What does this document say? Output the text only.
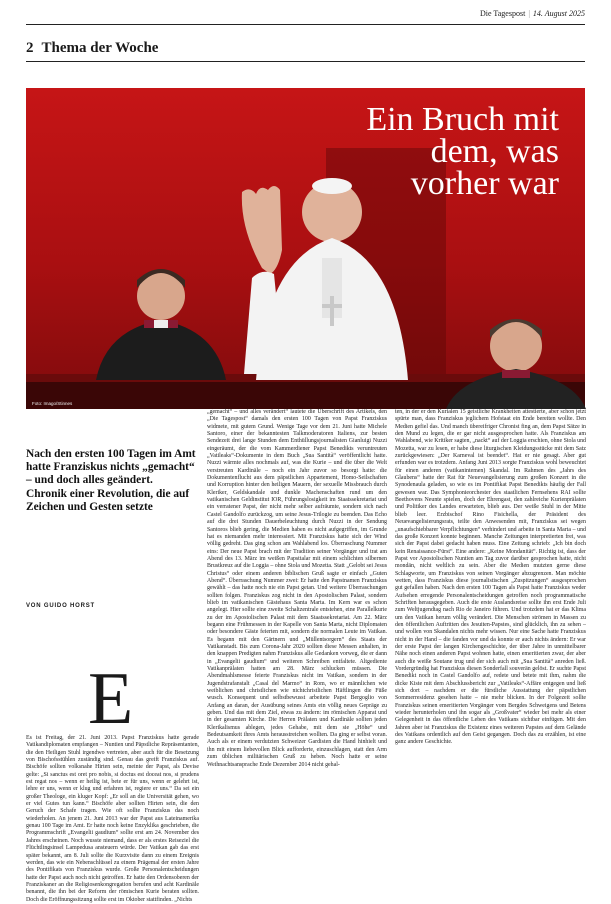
Die Tagespost | 14. August 2025
2 Thema der Woche
Ein Bruch mit dem, was vorher war
Foto: Imago/Stinnes
Nach den ersten 100 Tagen im Amt hatte Franziskus nichts „gemacht“ – und doch alles geändert. Chronik einer Revolution, die auf Zeichen und Gesten setzte
VON GUIDO HORST
E

Es ist Freitag, der 21. Juni 2013. Papst Franziskus hatte gerade Vatikandiplomaten empfangen – Nuntien und Päpstliche Repräsentanten, die den Heiligen Stuhl irgendwo vertreten, aber auch für die Besetzung von Bischofsstühlen zuständig sind. Genau das greift Franziskus auf. Bischöfe sollten volksnahe Hirten sein, meinte der Papst, als Devise gelte: „Si sanctus est oret pro nobis, si doctus est doceat nos, si prudens est regat nos – wenn er heilig ist, bete er für uns, wenn er gelehrt ist, lehre er uns, wenn er klug und erfahren ist, regiere er uns.“ Da sei ein großer Theologe, ein kluger Kopf: „Er soll an die Universität gehen, wo er viel Gutes tun kann.“ Bischöfe aber sollten Hirten sein, die den Geruch der Schafe tragen. Wie oft sollte Franziskus das noch wiederholen. An jenem 21. Juni 2013 war der Papst aus Lateinamerika genau 100 Tage im Amt. Er hatte noch keine Enzyklika geschrieben, die Programmschrift „Evangelii gaudium“ sollte erst am 24. November des Jahres erscheinen. Noch wusste niemand, dass er als erstes Reiseziel die Flüchtlingsinsel Lampedusa ansteuern würde. Der Vatikan gab das erst später bekannt, am 8. Juli sollte die Kurzvisite dann zu einem Ereignis werden, das wie ein Nebenschlüssel zu einem Prägemal der ersten Jahre des Pontifikats von Franziskus wurde. Große Personalentscheidungen hatte der Papst auch noch nicht getroffen. Er hatte den Ordensoberen der Franziskaner an die Religiosenkongregation berufen und acht Kardinäle benannt, die ihn bei der Reform der römischen Kurie beraten sollten. Doch die Eröffnungssitzung sollte erst im Oktober stattfinden. „Nichts

„gemacht“ – und alles verändert“ lautete die Überschrift des Artikels, den „Die Tagespost“ damals den ersten 100 Tagen von Papst Franziskus widmete, mit gutem Grund. Wenige Tage vor dem 21. Juni hatte Michele Santoro, einer der bekanntesten Talkmoderatoren Italiens, zur besten Sendezeit drei lange Stunden dem Enthüllungsjournalisten Gianluigi Nuzzi eingeräumt, der die vom Kammerdiener Papst Benedikts veruntreuten „Vatileaks“-Dokumente in dem Buch „Sua Santità“ veröffentlicht hatte. Nuzzi wärmte alles nochmals auf, was die Kurie – und die über die Welt verstreuten Kardinäle – noch ein Jahr zuvor so besorgt hatte: die Dokumentenflucht aus dem päpstlichen Appartement, Homo-Seilschaften und Korruption hinter den heiligen Mauern, der sexuelle Missbrauch durch Kleriker, Geldskandale und dunkle Machenschaften rund um den vatikanischen Geldinstitut IOR, Führungslosigkeit im Staatssekretariat und ein verratener Papst, der nicht mehr selber aufräumte, sondern sich nach Castel Gandolfo zurückzog, um seine Jesus-Trilogie zu beenden. Das Echo auf die drei Stunden Dauerbeleuchtung durch Nuzzi in der Sendung Santoros blieb gering, die Medien haben es nicht aufgegriffen, im Grunde hat es niemanden mehr interessiert. Mit Franziskus hatte sich der Wind völlig gedreht. Das ging schon am Wahlabend los. Überraschung Nummer eins: Der neue Papst brach mit der Tradition seiner Vorgänger und trat am Abend des 13. März im weißen Papsttalar mit einem schlichten silbernen Brustkreuz auf die Loggia – ohne Stola und Mozetta. Statt „Gelobt sei Jesus Christus“ oder einem anderen biblischen Gruß sagte er einfach „Guten Abend“. Überraschung Nummer zwei: Er hatte den Papstnamen Franziskus gewählt – das hatte noch nie ein Papst getan. Und weitere Überraschungen sollten folgen. Franziskus zog nicht in den Apostolischen Palast, sondern blieb im vatikanischen Gästehaus Santa Marta. Im Kern war es schon angelegt. Hier sollte eine zweite Schaltzentrale entstehen, eine Parallelkurie zu der im Apostolischen Palast mit dem Staatssekretariat. Am 22. März begann eine Frühmessen in der Kapelle von Santa Marta, nicht Diplomaten oder besondere Gäste feierten mit, sondern die normalen Leute im Vatikan. Es begann mit den Gärtnern und „Müllentsorgern“ des Staats der Vatikanstadt. Bis zum Corona-Jahr 2020 sollten diese Messen anhalten, in den knappen Predigten nahm Franziskus alle Gedanken vorweg, die er dann in „Evangelii gaudium“ und weiteren Schreiben entfaltete. Altgediente Vatikanprälaten hatten am 28. März schlucken müssen. Die Abendmahlsmesse feierte Franziskus nicht im Vatikan, sondern in der Jugendstrafanstalt „Casal del Marmo“ in Rom, wo er männlichen wie weiblichen und christlichen wie nichtchristlichen Häftlingen die Füße wusch. Konsequent und selbstbewusst arbeitete Papst Bergoglio von Anfang an daran, der Ausübung seines Amts ein völlig neues Gepräge zu geben. Und das mit dem Ziel, etwas zu ändern: im römischen Apparat und in der gesamten Kirche. Die Herren Prälaten und Kardinäle sollten jeden Klerikalismus ablegen, jedes Gehabe, mit dem sie „Höhe“ und Bedeutsamkeit ihres Amts herausstreichen wollten. Da ging er selbst voran. Auch als er einem verdutzten Schweizer Gardisten die Hand hinhielt und ihn mit einem liebevollen Blick aufforderte, einzuschlagen, statt den Arm zum üblichen militärischen Gruß zu heben. Noch hatte er seine Weihnachtsansprache Ende Dezember 2014 nicht gehal-

ten, in der er den Kurialen 15 geistliche Krankheiten attestierte, aber schon jetzt spürte man, dass Franziskus jeglichem Hofstaat ein Ende bereiten wollte. Den Medien gefiel das. Und manch übereifriger Chronist fing an, dem Papst Sätze in den Mund zu legen, die er gar nicht ausgesprochen hatte. Als Franziskus am Wahlabend, wie Kritiker sagten, „nackt“ auf der Loggia erschien, ohne Stola und Mozetta, war zu lesen, er habe diese liturgischen Kleidungsstücke mit dem Satz zurückgewiesen: „Der Karneval ist beendet“. Hat er nie gesagt. Aber gut erfunden war es trotzdem. Anfang Juni 2013 sorgte Franziskus wohl beweuchtet für einen anderen (vatikanintemen) Skandal. Im Rahmen des „Jahrs des Glaubens“ hatte der Rat für Neuevangelisierung zum großen Konzert in die Synodenaula geladen, so wie es im Pontifikat Papst Benedikts häufig der Fall gewesen war. Das Symphonieorchester des staatlichen Fernsehens RAI sollte Beethovens Neunte spielen, doch der Ehrengast, den zahlreiche Kurienprälaten und Politiker des Landes erwarteten, blieb aus. Der weiße Stuhl in der Mitte blieb leer. Erzbischof Rino Fisichella, der Präsident des Neuevangelisierungsrats, teilte den Anwesenden mit, Franziskus sei wegen „unaufschiebbarer Verpflichtungen“ verhindert und arbeite in Santa Marta – und das große Konzert konnte beginnen. Manche Zeitungen interpretierten frei, was sich der Papst dabei gedacht haben muss. Eine Zeitung schrieb: „Ich bin doch kein Renaissance-Fürst“. Eine andere: „Keine Mondanität“. Richtig ist, dass der Papst vor Apostolischen Nuntien am Tag zuvor darüber gesprochen hatte, nicht mondän, nicht weltlich zu sein. Aber die Medien mutzten gerne diese Schlagworte, um Franziskus von seinen Vorgänger abzugrenzen. Man möchte wetten, dass Franziskus diese journalistischen „Zuspitzungen“ ausgesprochen gut gefallen haben. Nach den ersten 100 Tagen als Papst hatte Franziskus weder Aufsehen erregende Personalentscheidungen getroffen noch programmatische Schriften herausgegeben. Auch die erste Auslandsreise sollte ihn erst Ende Juli zum Weltjugendtag nach Rio de Janeiro führen. Und trotzdem hat er das Klima um den Vatikan herum völlig verändert. Die Menschen strömen in Massen zu den öffentlichen Auftritten des Jesuiten-Papstes, sind glücklich, ihn zu sehen – und wollen von Skandalen nichts mehr wissen. Nur eine Sache hatte Franziskus nicht in der Hand – die fanden vor und da konnte er auch nichts ändern: Er war der erste Papst der langen Kirchengeschichte, der über Jahre in unmittelbarer Nähe noch einen anderen Papst wohnen hatte, einen emeritierten zwar, der aber auch die weiße Soutane trug und der sich auch mit „Sua Santità“ anreden ließ. Vordergründig hat Franziskus diesen Sonderfall souverän gelöst. Er suchte Papst Benedikt noch in Castel Gandolfo auf, redete und betete mit ihm, nahm die dicke Kiste mit dem Abschlussbericht zur „Vatileaks“-Affäre entgegen und ließ sich dort – nachdem er die fürstliche Ausstattung der päpstlichen Sommerresidenz gesehen hatte – nie mehr blicken. In der Folgezeit sollte Franziskus seinen emeritierten Vorgänger vom Bergdes Schweigens und Betens wieder herunterholen und ihn sogar als „Großvater“ wieder bei mehr als einer Gelegenheit in das öffentliche Leben des Vatikans sichtbar einfügen. Mit den Jahren aber ist Franziskus die Existenz eines weiteren Papstes auf dem Gelände des Vatikans ordentlich auf den Geist gegangen. Doch das zu erzählen, ist eine ganz andere Geschichte.
